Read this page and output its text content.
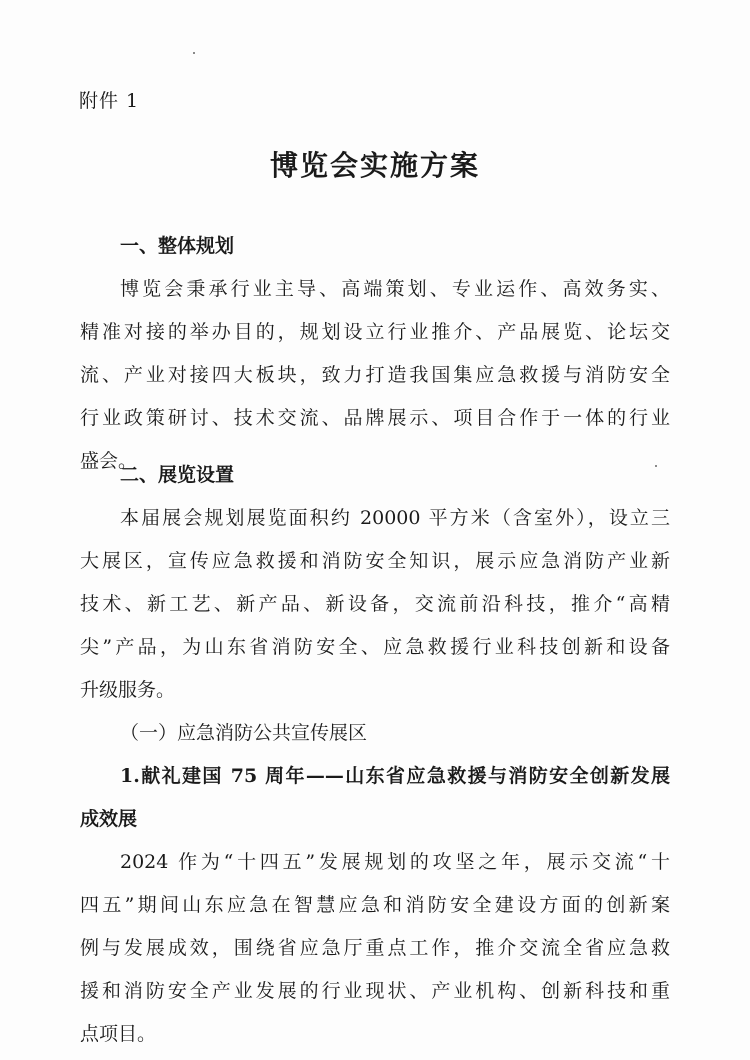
附件 1
博览会实施方案
一、整体规划
博览会秉承行业主导、高端策划、专业运作、高效务实、
精准对接的举办目的，规划设立行业推介、产品展览、论坛交
流、产业对接四大板块，致力打造我国集应急救援与消防安全
行业政策研讨、技术交流、品牌展示、项目合作于一体的行业
盛会。
二、展览设置
本届展会规划展览面积约 20000 平方米（含室外），设立三
大展区，宣传应急救援和消防安全知识，展示应急消防产业新
技术、新工艺、新产品、新设备，交流前沿科技，推介“高精
尖”产品，为山东省消防安全、应急救援行业科技创新和设备
升级服务。
（一）应急消防公共宣传展区
1.献礼建国 75 周年——山东省应急救援与消防安全创新发展
成效展
2024 作为“十四五”发展规划的攻坚之年，展示交流“十
四五”期间山东应急在智慧应急和消防安全建设方面的创新案
例与发展成效，围绕省应急厅重点工作，推介交流全省应急救
援和消防安全产业发展的行业现状、产业机构、创新科技和重
点项目。
